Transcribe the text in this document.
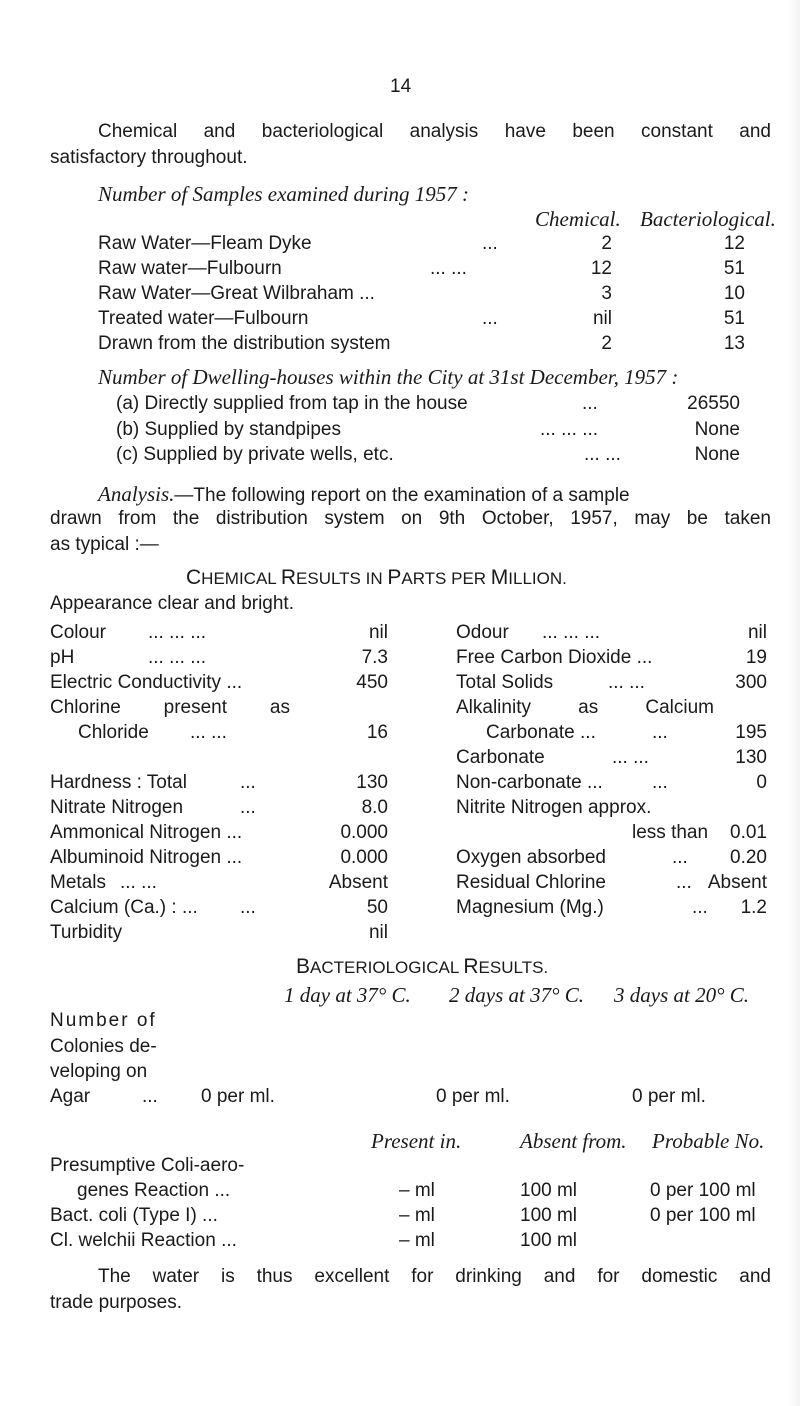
14
Chemical and bacteriological analysis have been constant and
satisfactory throughout.
Number of Samples examined during 1957 :
Chemical. Bacteriological.
Raw Water—Fleam Dyke	...	2	12
Raw water—Fulbourn	... ...	12	51
Raw Water—Great Wilbraham ...	3	10
Treated water—Fulbourn	...	nil	51
Drawn from the distribution system	2	13
Number of Dwelling-houses within the City at 31st December, 1957 :
(a) Directly supplied from tap in the house	...	26550
(b) Supplied by standpipes	... ... ...	None
(c) Supplied by private wells, etc.	... ...	None
Analysis.—The following report on the examination of a sample
drawn from the distribution system on 9th October, 1957, may be taken
as typical :—
CHEMICAL RESULTS IN PARTS PER MILLION.
Appearance clear and bright.
Colour ... ... ...	nil
pH	... ... ...	7.3
Electric Conductivity ...	450
Chlorine present as
Chloride ... ...	16
Hardness : Total	...	130
Nitrate Nitrogen	...	8.0
Ammonical Nitrogen ...	0.000
Albuminoid Nitrogen ...	0.000
Metals ... ...	Absent
Calcium (Ca.) : ... ...	50
Turbidity	nil
Odour ... ... ...	nil
Free Carbon Dioxide ...	19
Total Solids	... ...	300
Alkalinity as Calcium
Carbonate ...	...	195
Carbonate	... ...	130
Non-carbonate ...	...	0
Nitrite Nitrogen approx.
less than	0.01
Oxygen absorbed	...	0.20
Residual Chlorine	... Absent
Magnesium (Mg.)	...	1.2
BACTERIOLOGICAL RESULTS.
1 day at 37° C. 2 days at 37° C. 3 days at 20° C.
Number of
Colonies de-
veloping on
Agar	... 0 per ml.	0 per ml.	0 per ml.
Present in.	Absent from. Probable No.
Presumptive Coli-aero-
genes Reaction ...	– ml	100 ml	0 per 100 ml
Bact. coli (Type I) ...	– ml	100 ml	0 per 100 ml
Cl. welchii Reaction ...	– ml	100 ml
The water is thus excellent for drinking and for domestic and
trade purposes.
